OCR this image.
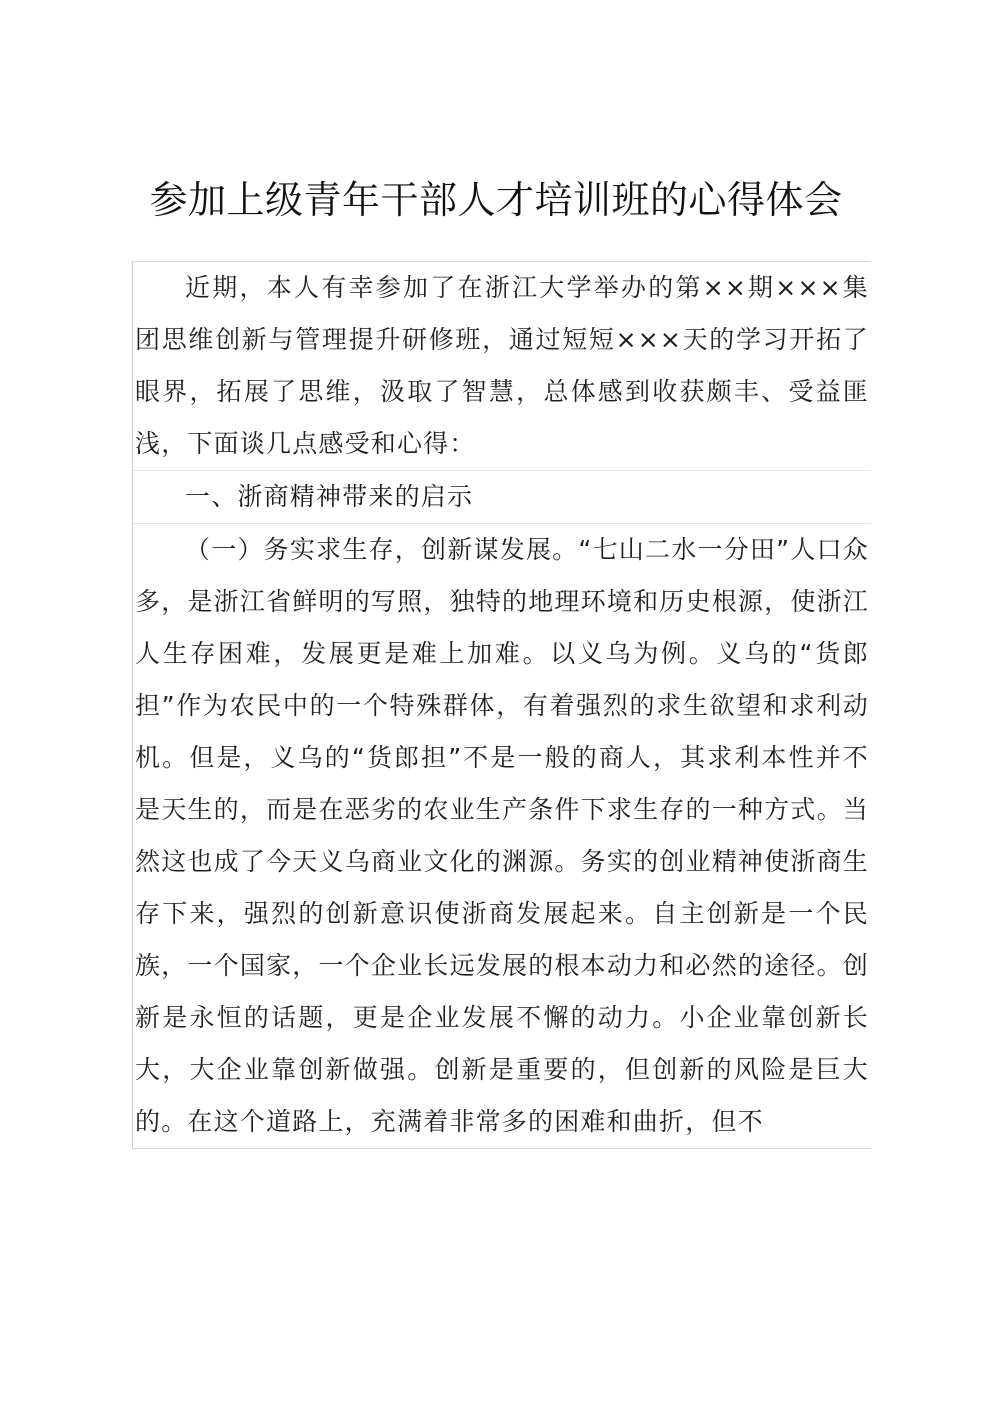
参加上级青年干部人才培训班的心得体会

近期，本人有幸参加了在浙江大学举办的第××期×××集团思维创新与管理提升研修班，通过短短×××天的学习开拓了眼界，拓展了思维，汲取了智慧，总体感到收获颇丰、受益匪浅，下面谈几点感受和心得：

一、浙商精神带来的启示

（一）务实求生存，创新谋发展。“七山二水一分田”人口众多，是浙江省鲜明的写照，独特的地理环境和历史根源，使浙江人生存困难，发展更是难上加难。以义乌为例。义乌的“货郎担”作为农民中的一个特殊群体，有着强烈的求生欲望和求利动机。但是，义乌的“货郎担”不是一般的商人，其求利本性并不是天生的，而是在恶劣的农业生产条件下求生存的一种方式。当然这也成了今天义乌商业文化的渊源。务实的创业精神使浙商生存下来，强烈的创新意识使浙商发展起来。自主创新是一个民族，一个国家，一个企业长远发展的根本动力和必然的途径。创新是永恒的话题，更是企业发展不懈的动力。小企业靠创新长大，大企业靠创新做强。创新是重要的，但创新的风险是巨大的。在这个道路上，充满着非常多的困难和曲折，但不
